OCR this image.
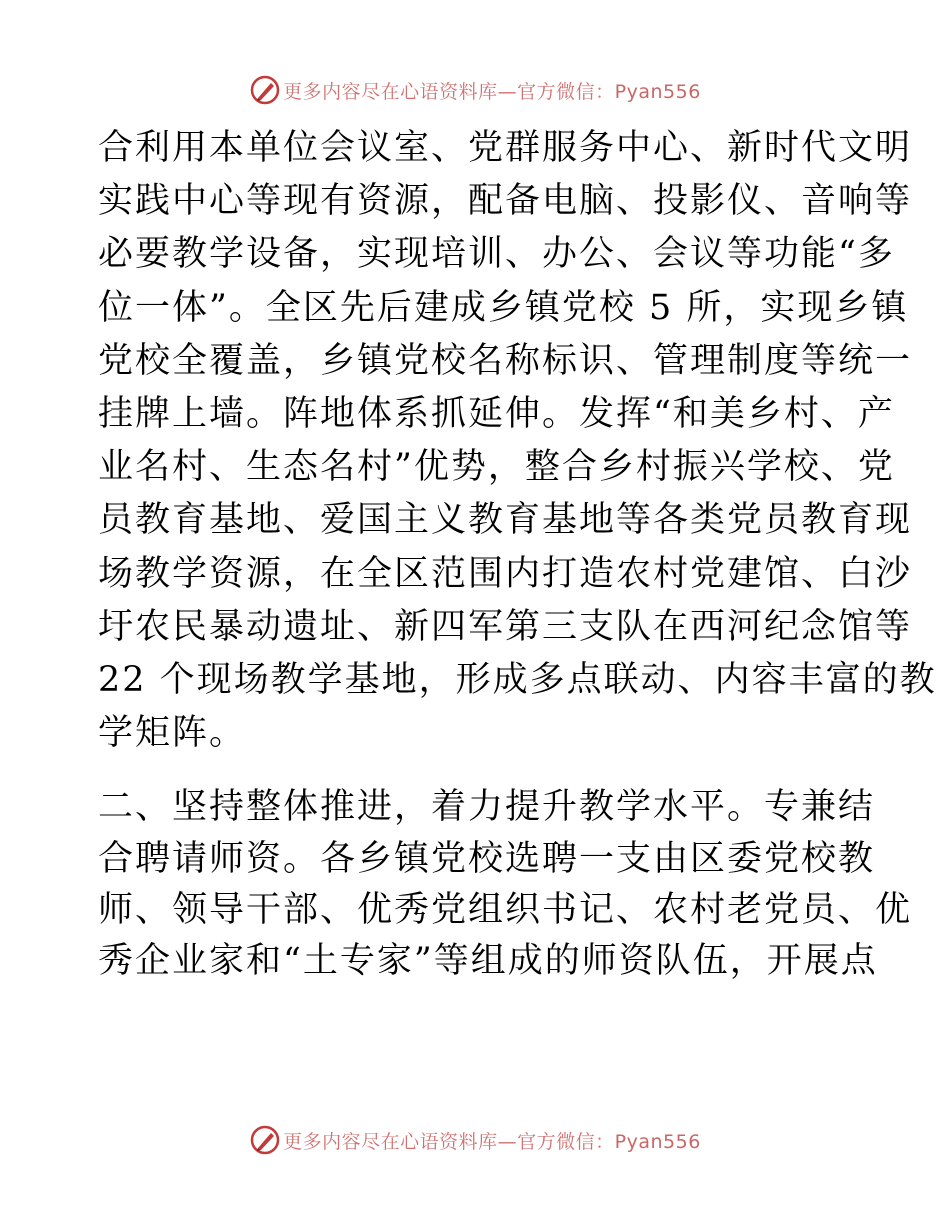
更多内容尽在心语资料库—官方微信：Pyan556

合利用本单位会议室、党群服务中心、新时代文明
实践中心等现有资源，配备电脑、投影仪、音响等
必要教学设备，实现培训、办公、会议等功能“多
位一体”。全区先后建成乡镇党校 5 所，实现乡镇
党校全覆盖，乡镇党校名称标识、管理制度等统一
挂牌上墙。阵地体系抓延伸。发挥“和美乡村、产
业名村、生态名村”优势，整合乡村振兴学校、党
员教育基地、爱国主义教育基地等各类党员教育现
场教学资源，在全区范围内打造农村党建馆、白沙
圩农民暴动遗址、新四军第三支队在西河纪念馆等
22 个现场教学基地，形成多点联动、内容丰富的教
学矩阵。

二、坚持整体推进，着力提升教学水平。专兼结
合聘请师资。各乡镇党校选聘一支由区委党校教
师、领导干部、优秀党组织书记、农村老党员、优
秀企业家和“土专家”等组成的师资队伍，开展点

更多内容尽在心语资料库—官方微信：Pyan556
